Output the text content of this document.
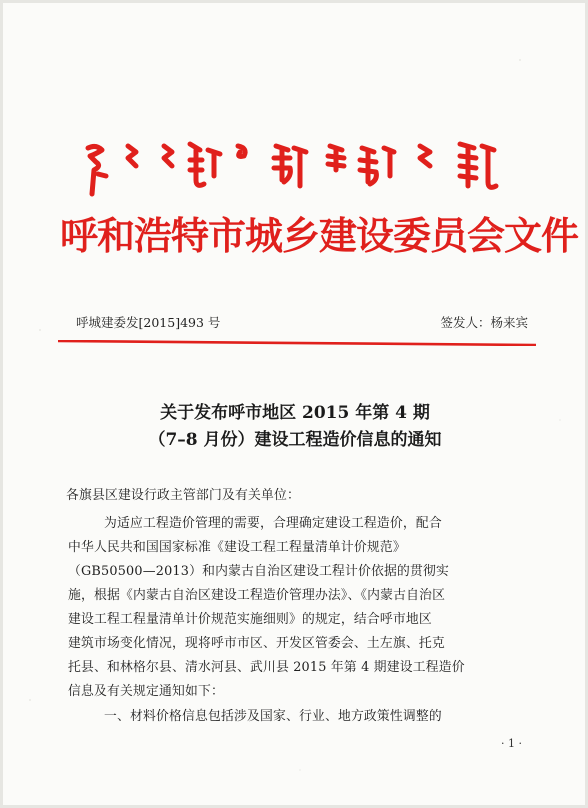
呼和浩特市城乡建设委员会文件
呼城建委发[2015]493 号	签发人：杨来宾
关于发布呼市地区 2015 年第 4 期
（7–8 月份）建设工程造价信息的通知
各旗县区建设行政主管部门及有关单位：
为适应工程造价管理的需要，合理确定建设工程造价，配合
中华人民共和国国家标准《建设工程工程量清单计价规范》
（GB50500—2013）和内蒙古自治区建设工程计价依据的贯彻实
施，根据《内蒙古自治区建设工程造价管理办法》、《内蒙古自治区
建设工程工程量清单计价规范实施细则》的规定，结合呼市地区
建筑市场变化情况，现将呼市市区、开发区管委会、土左旗、托克
托县、和林格尔县、清水河县、武川县 2015 年第 4 期建设工程造价
信息及有关规定通知如下：
一、材料价格信息包括涉及国家、行业、地方政策性调整的
· 1 ·
